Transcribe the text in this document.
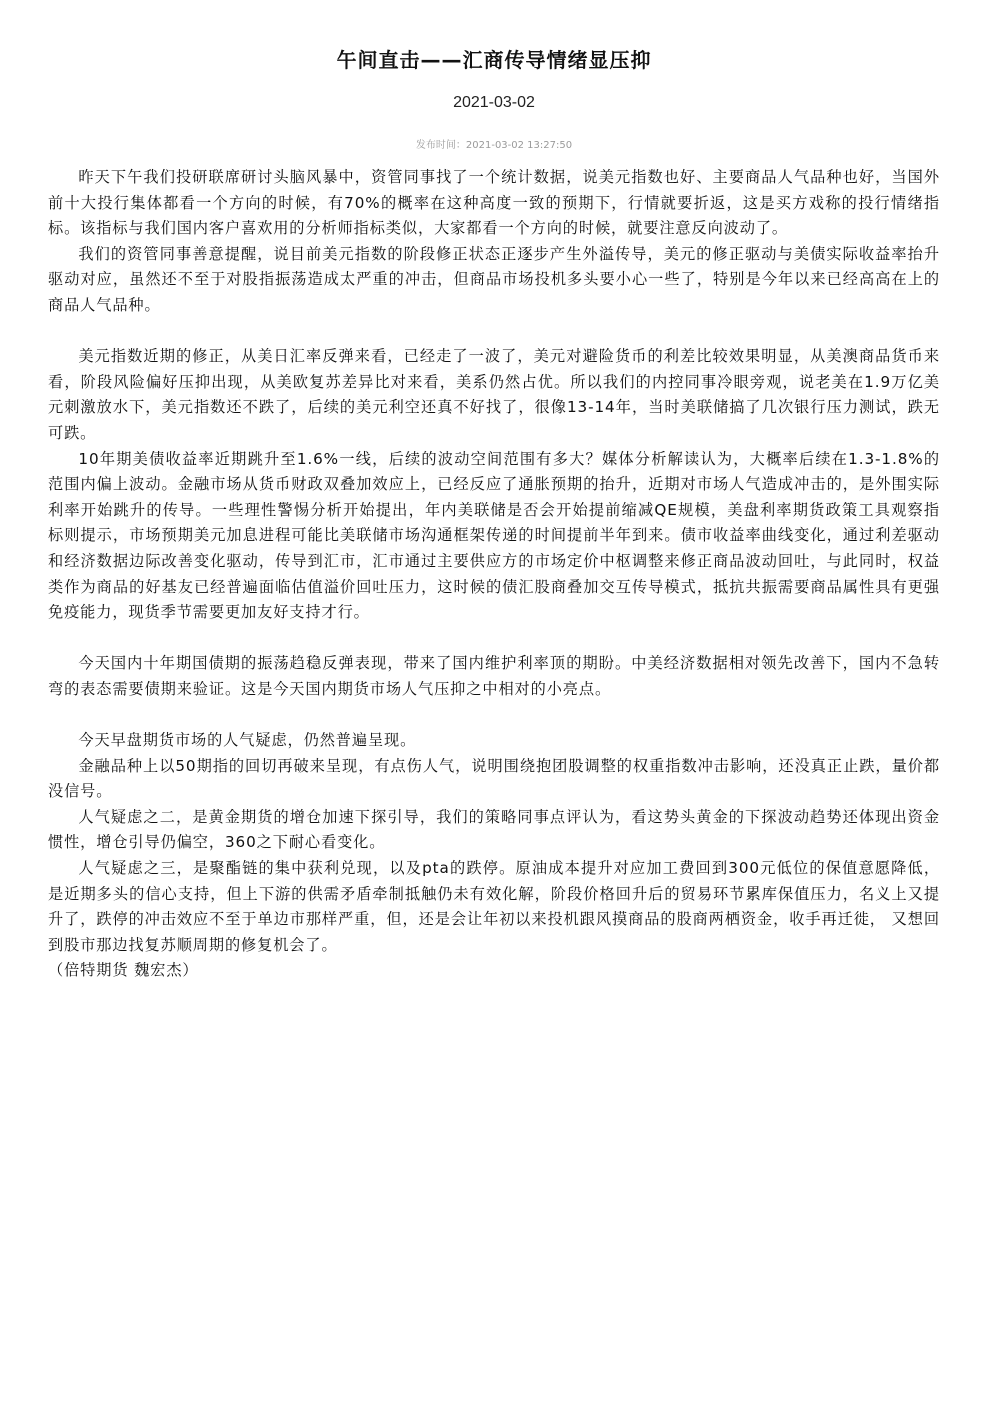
午间直击——汇商传导情绪显压抑
2021-03-02
发布时间：2021-03-02 13:27:50

昨天下午我们投研联席研讨头脑风暴中，资管同事找了一个统计数据，说美元指数也好、主要商品人气品种也好，当国外前十大投行集体都看一个方向的时候，有70%的概率在这种高度一致的预期下，行情就要折返，这是买方戏称的投行情绪指标。该指标与我们国内客户喜欢用的分析师指标类似，大家都看一个方向的时候，就要注意反向波动了。

我们的资管同事善意提醒，说目前美元指数的阶段修正状态正逐步产生外溢传导，美元的修正驱动与美债实际收益率抬升驱动对应，虽然还不至于对股指振荡造成太严重的冲击，但商品市场投机多头要小心一些了，特别是今年以来已经高高在上的商品人气品种。

美元指数近期的修正，从美日汇率反弹来看，已经走了一波了，美元对避险货币的利差比较效果明显，从美澳商品货币来看，阶段风险偏好压抑出现，从美欧复苏差异比对来看，美系仍然占优。所以我们的内控同事冷眼旁观，说老美在1.9万亿美元刺激放水下，美元指数还不跌了，后续的美元利空还真不好找了，很像13-14年，当时美联储搞了几次银行压力测试，跌无可跌。

10年期美债收益率近期跳升至1.6%一线，后续的波动空间范围有多大？媒体分析解读认为，大概率后续在1.3-1.8%的范围内偏上波动。金融市场从货币财政双叠加效应上，已经反应了通胀预期的抬升，近期对市场人气造成冲击的，是外围实际利率开始跳升的传导。一些理性警惕分析开始提出，年内美联储是否会开始提前缩减QE规模，美盘利率期货政策工具观察指标则提示，市场预期美元加息进程可能比美联储市场沟通框架传递的时间提前半年到来。债市收益率曲线变化，通过利差驱动和经济数据边际改善变化驱动，传导到汇市，汇市通过主要供应方的市场定价中枢调整来修正商品波动回吐，与此同时，权益类作为商品的好基友已经普遍面临估值溢价回吐压力，这时候的债汇股商叠加交互传导模式，抵抗共振需要商品属性具有更强免疫能力，现货季节需要更加友好支持才行。

今天国内十年期国债期的振荡趋稳反弹表现，带来了国内维护利率顶的期盼。中美经济数据相对领先改善下，国内不急转弯的表态需要债期来验证。这是今天国内期货市场人气压抑之中相对的小亮点。

今天早盘期货市场的人气疑虑，仍然普遍呈现。

金融品种上以50期指的回切再破来呈现，有点伤人气，说明围绕抱团股调整的权重指数冲击影响，还没真正止跌，量价都没信号。

人气疑虑之二，是黄金期货的增仓加速下探引导，我们的策略同事点评认为，看这势头黄金的下探波动趋势还体现出资金惯性，增仓引导仍偏空，360之下耐心看变化。

人气疑虑之三，是聚酯链的集中获利兑现，以及pta的跌停。原油成本提升对应加工费回到300元低位的保值意愿降低，是近期多头的信心支持，但上下游的供需矛盾牵制抵触仍未有效化解，阶段价格回升后的贸易环节累库保值压力，名义上又提升了，跌停的冲击效应不至于单边市那样严重，但，还是会让年初以来投机跟风摸商品的股商两栖资金，收手再迁徙， 又想回到股市那边找复苏顺周期的修复机会了。

（倍特期货 魏宏杰）
